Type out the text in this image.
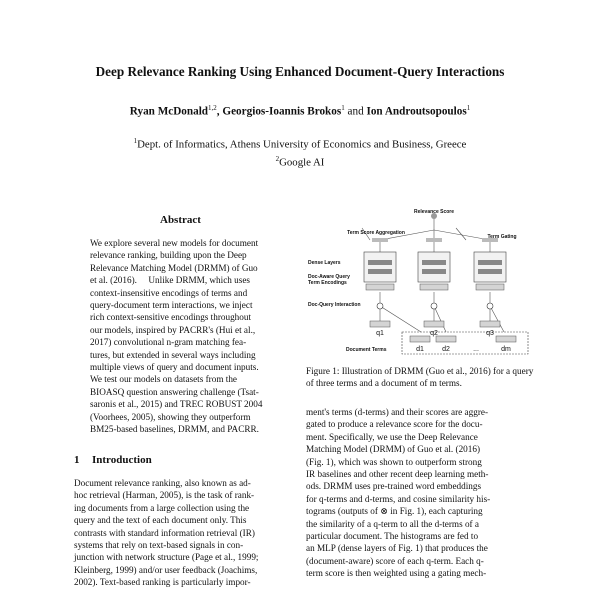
Deep Relevance Ranking Using Enhanced Document-Query Interactions
Ryan McDonald$^{1,2}$, Georgios-Ioannis Brokos$^1$ and Ion Androutsopoulos$^1$
$^1$Dept. of Informatics, Athens University of Economics and Business, Greece
$^2$Google AI
Abstract
We explore several new models for document
relevance ranking, building upon the Deep
Relevance Matching Model (DRMM) of Guo
et al. (2016).     Unlike DRMM, which uses
context-insensitive encodings of terms and
query-document term interactions, we inject
rich context-sensitive encodings throughout
our models, inspired by PACRR's (Hui et al.,
2017) convolutional n-gram matching fea-
tures, but extended in several ways including
multiple views of query and document inputs.
We test our models on datasets from the
BIOASQ question answering challenge (Tsat-
saronis et al., 2015) and TREC ROBUST 2004
(Voorhees, 2005), showing they outperform
BM25-based baselines, DRMM, and PACRR.
1 Introduction
Document relevance ranking, also known as ad-
hoc retrieval (Harman, 2005), is the task of rank-
ing documents from a large collection using the
query and the text of each document only. This
contrasts with standard information retrieval (IR)
systems that rely on text-based signals in con-
junction with network structure (Page et al., 1999;
Kleinberg, 1999) and/or user feedback (Joachims,
2002). Text-based ranking is particularly impor-
Relevance Score
Term Score Aggregation
Term Gating
Dense Layers
Doc-Aware Query
Term Encodings
Doc-Query Interaction
Document Terms
q1	q2	q3
d1	d2	...	dm
Figure 1: Illustration of DRMM (Guo et al., 2016) for a query of three terms and a document of m terms.
ment's terms (d-terms) and their scores are aggre-
gated to produce a relevance score for the docu-
ment. Specifically, we use the Deep Relevance
Matching Model (DRMM) of Guo et al. (2016)
(Fig. 1), which was shown to outperform strong
IR baselines and other recent deep learning meth-
ods. DRMM uses pre-trained word embeddings
for q-terms and d-terms, and cosine similarity his-
tograms (outputs of ⊗ in Fig. 1), each capturing
the similarity of a q-term to all the d-terms of a
particular document. The histograms are fed to
an MLP (dense layers of Fig. 1) that produces the
(document-aware) score of each q-term. Each q-
term score is then weighted using a gating mech-
